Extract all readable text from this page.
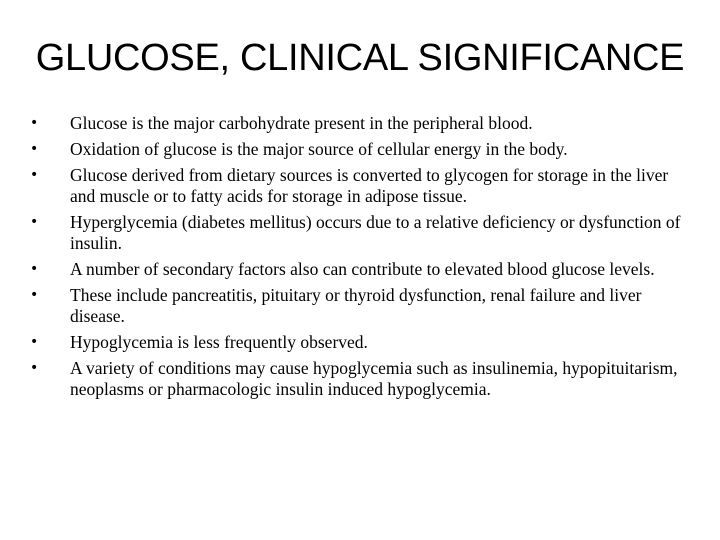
GLUCOSE, CLINICAL SIGNIFICANCE
•	Glucose is the major carbohydrate present in the peripheral blood.
•	Oxidation of glucose is the major source of cellular energy in the body.
•	Glucose derived from dietary sources is converted to glycogen for storage in the liver and muscle or to fatty acids for storage in adipose tissue.
•	Hyperglycemia (diabetes mellitus) occurs due to a relative deficiency or dysfunction of insulin.
•	A number of secondary factors also can contribute to elevated blood glucose levels.
•	These include pancreatitis, pituitary or thyroid dysfunction, renal failure and liver disease.
•	Hypoglycemia is less frequently observed.
•	A variety of conditions may cause hypoglycemia such as insulinemia, hypopituitarism, neoplasms or pharmacologic insulin induced hypoglycemia.
